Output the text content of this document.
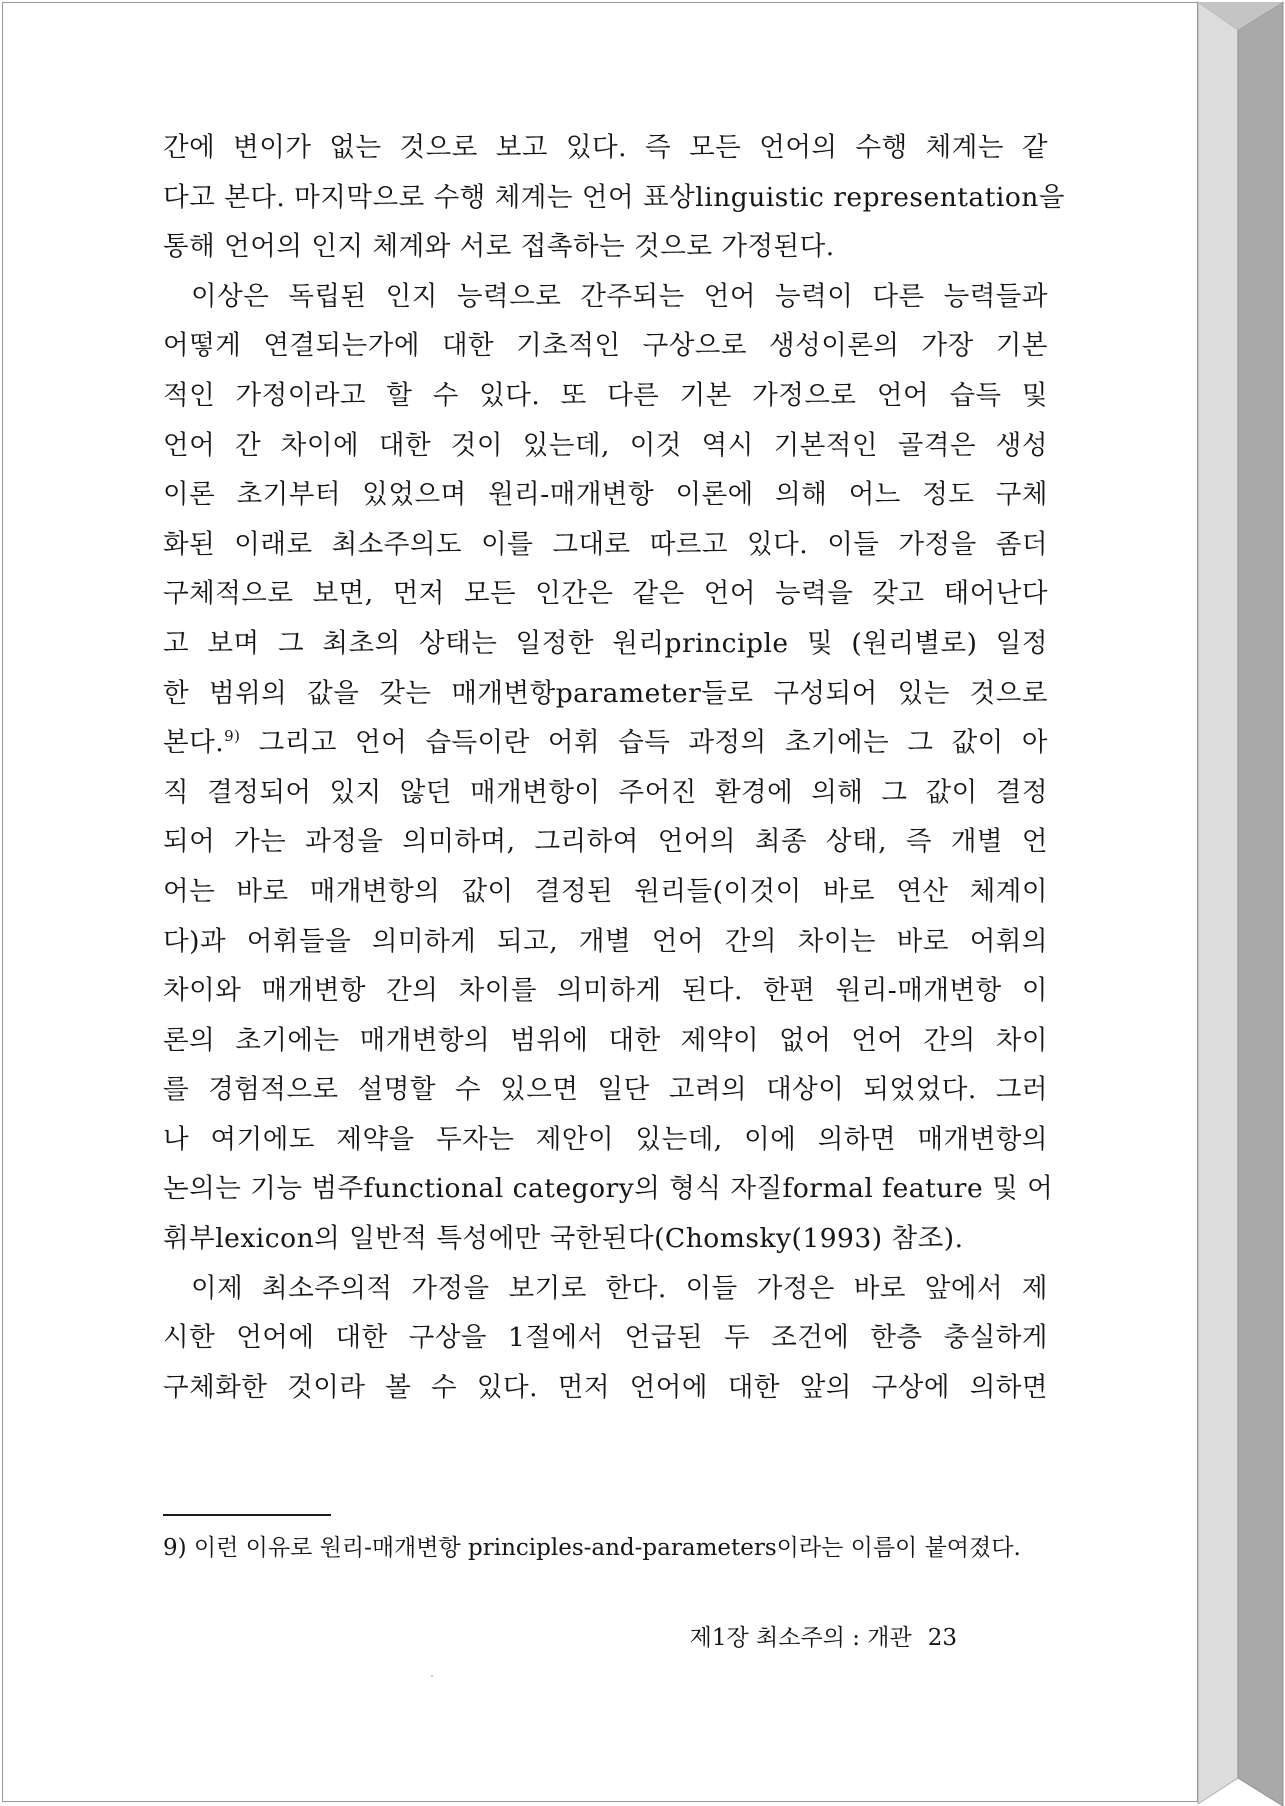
간에 변이가 없는 것으로 보고 있다. 즉 모든 언어의 수행 체계는 같
다고 본다. 마지막으로 수행 체계는 언어 표상linguistic representation을
통해 언어의 인지 체계와 서로 접촉하는 것으로 가정된다.
이상은 독립된 인지 능력으로 간주되는 언어 능력이 다른 능력들과
어떻게 연결되는가에 대한 기초적인 구상으로 생성이론의 가장 기본
적인 가정이라고 할 수 있다. 또 다른 기본 가정으로 언어 습득 및
언어 간 차이에 대한 것이 있는데, 이것 역시 기본적인 골격은 생성
이론 초기부터 있었으며 원리-매개변항 이론에 의해 어느 정도 구체
화된 이래로 최소주의도 이를 그대로 따르고 있다. 이들 가정을 좀더
구체적으로 보면, 먼저 모든 인간은 같은 언어 능력을 갖고 태어난다
고 보며 그 최초의 상태는 일정한 원리principle 및 (원리별로) 일정
한 범위의 값을 갖는 매개변항parameter들로 구성되어 있는 것으로
본다.$^{9)}$ 그리고 언어 습득이란 어휘 습득 과정의 초기에는 그 값이 아
직 결정되어 있지 않던 매개변항이 주어진 환경에 의해 그 값이 결정
되어 가는 과정을 의미하며, 그리하여 언어의 최종 상태, 즉 개별 언
어는 바로 매개변항의 값이 결정된 원리들(이것이 바로 연산 체계이
다)과 어휘들을 의미하게 되고, 개별 언어 간의 차이는 바로 어휘의
차이와 매개변항 간의 차이를 의미하게 된다. 한편 원리-매개변항 이
론의 초기에는 매개변항의 범위에 대한 제약이 없어 언어 간의 차이
를 경험적으로 설명할 수 있으면 일단 고려의 대상이 되었었다. 그러
나 여기에도 제약을 두자는 제안이 있는데, 이에 의하면 매개변항의
논의는 기능 범주functional category의 형식 자질formal feature 및 어
휘부lexicon의 일반적 특성에만 국한된다(Chomsky(1993) 참조).
이제 최소주의적 가정을 보기로 한다. 이들 가정은 바로 앞에서 제
시한 언어에 대한 구상을 1절에서 언급된 두 조건에 한층 충실하게
구체화한 것이라 볼 수 있다. 먼저 언어에 대한 앞의 구상에 의하면
9) 이런 이유로 원리-매개변항 principles-and-parameters이라는 이름이 붙여졌다.
제1장 최소주의 : 개관 23
